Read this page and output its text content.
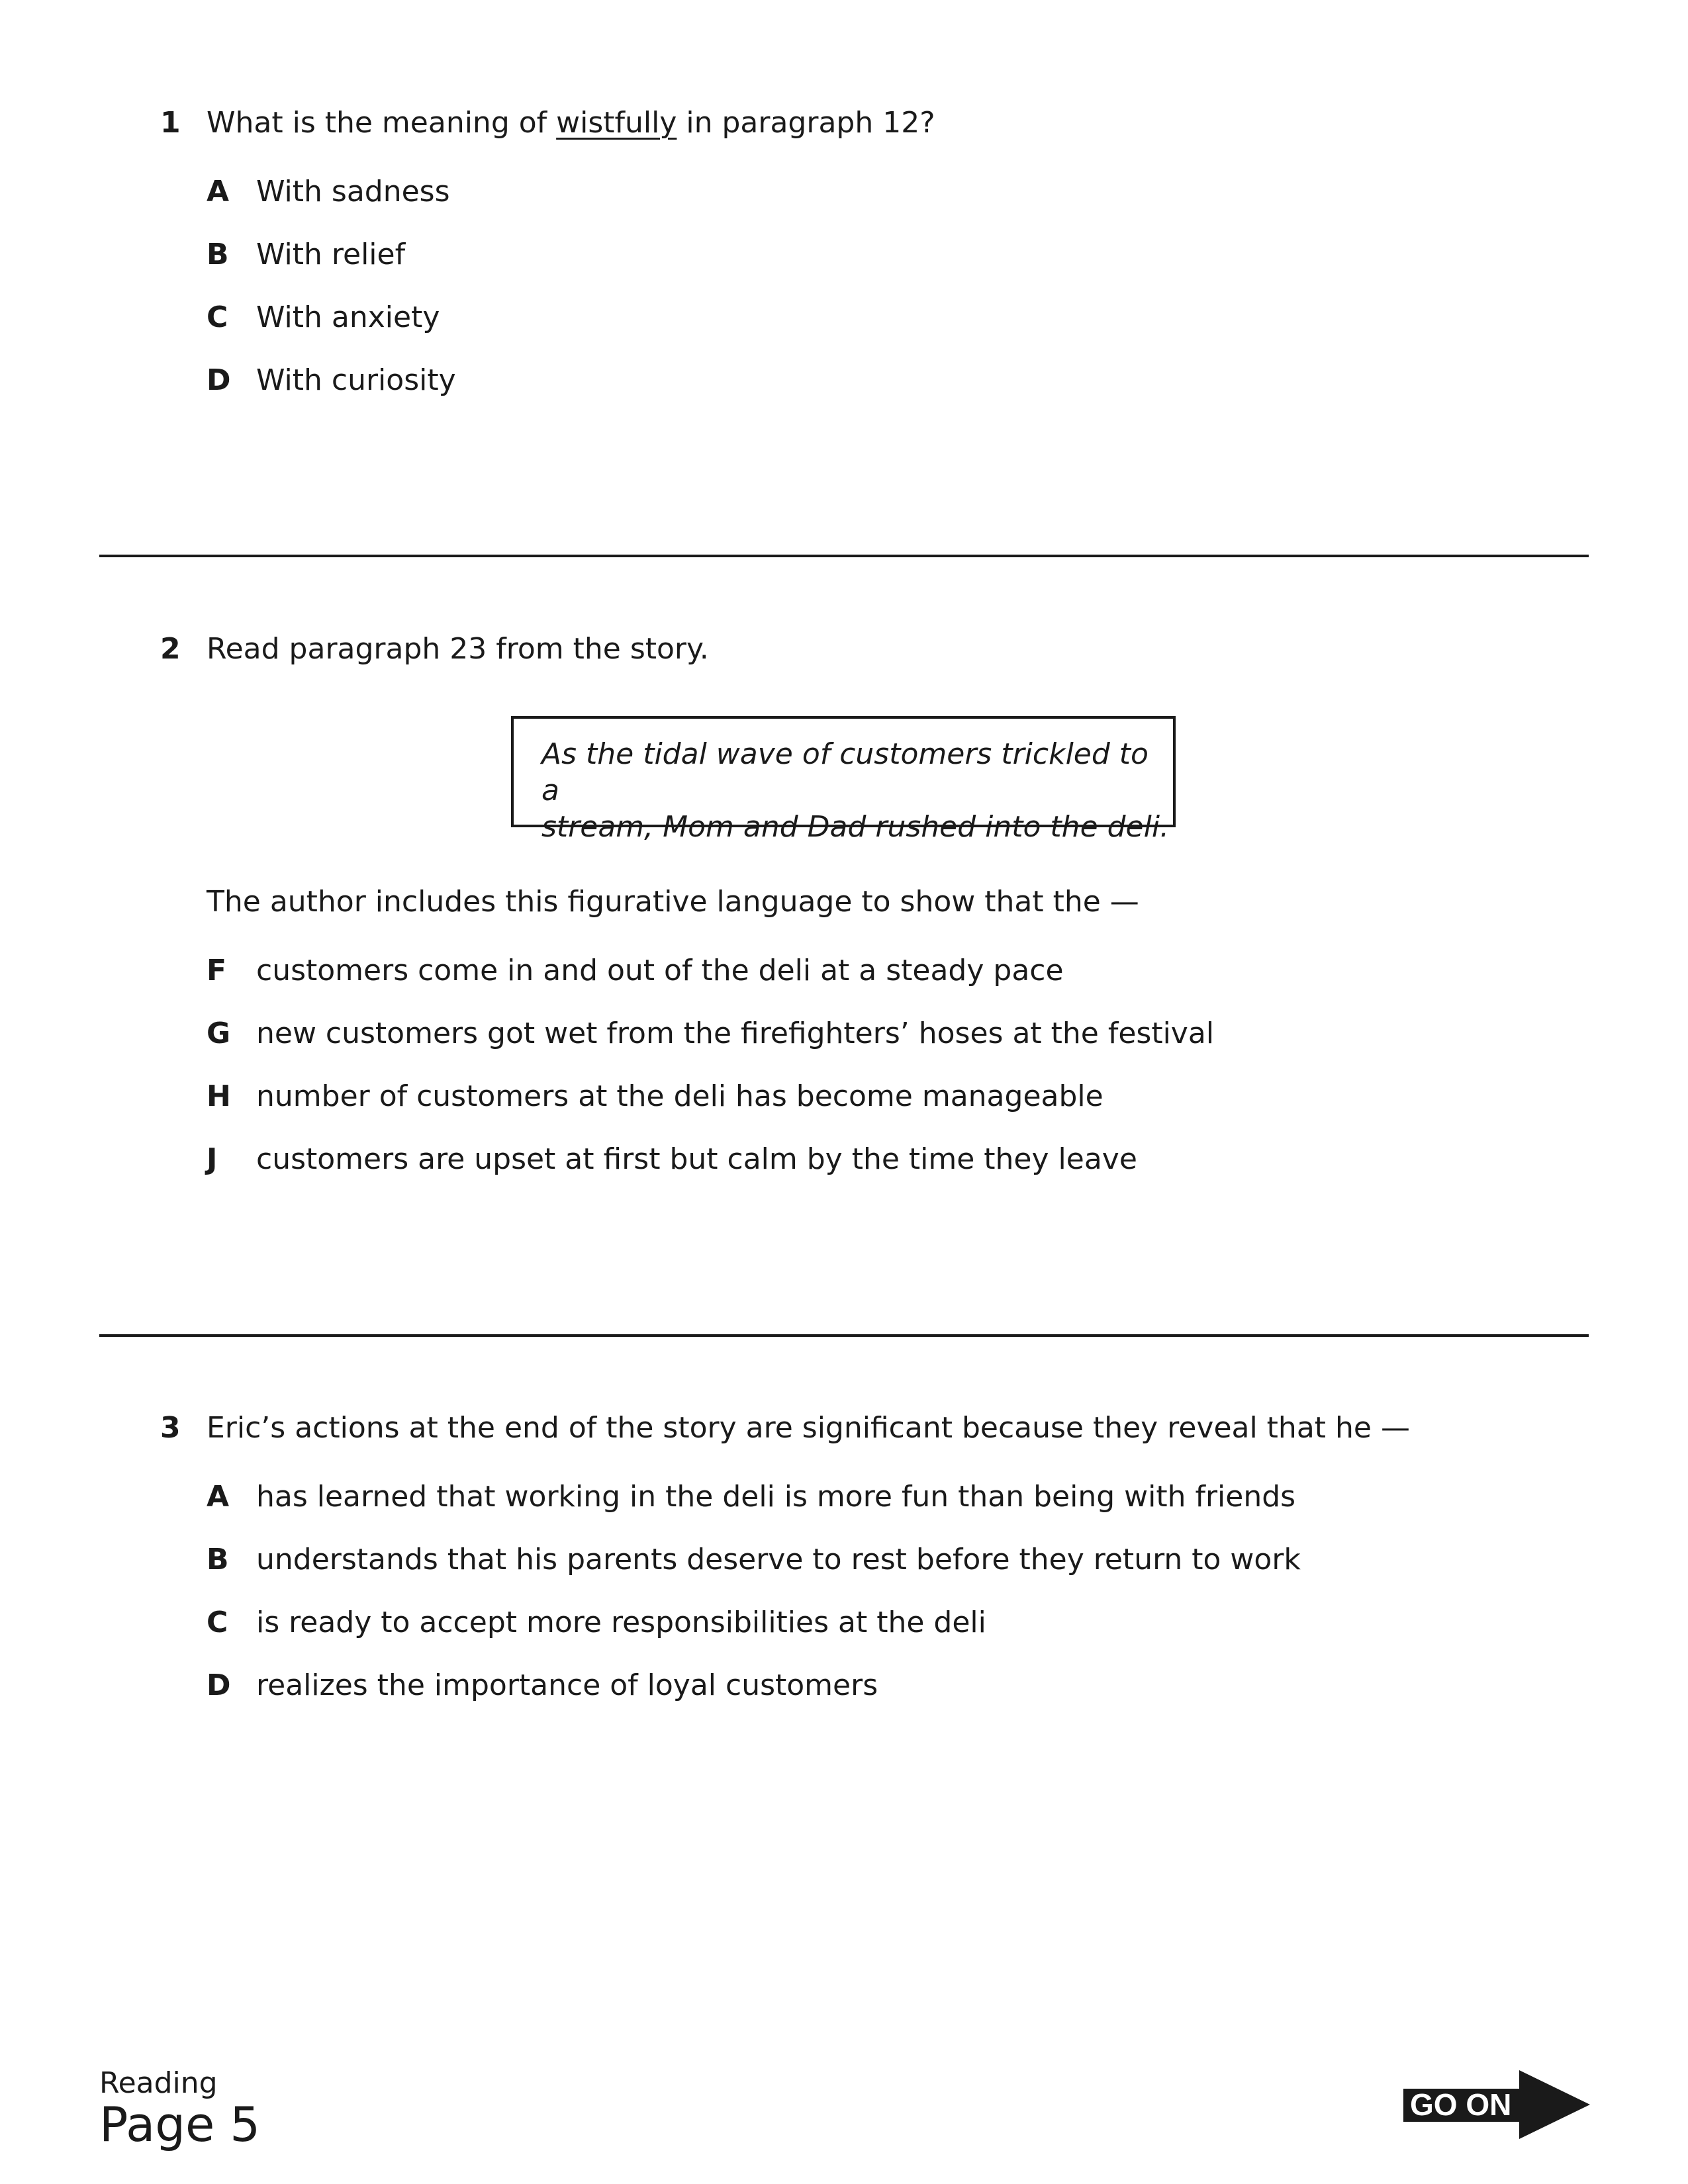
1 What is the meaning of wistfully in paragraph 12?
A With sadness
B With relief
C With anxiety
D With curiosity
2 Read paragraph 23 from the story.
As the tidal wave of customers trickled to a
stream, Mom and Dad rushed into the deli.
The author includes this figurative language to show that the —
F customers come in and out of the deli at a steady pace
G new customers got wet from the firefighters’ hoses at the festival
H number of customers at the deli has become manageable
J customers are upset at first but calm by the time they leave
3 Eric’s actions at the end of the story are significant because they reveal that he —
A has learned that working in the deli is more fun than being with friends
B understands that his parents deserve to rest before they return to work
C is ready to accept more responsibilities at the deli
D realizes the importance of loyal customers
Reading
Page 5	GO ON
